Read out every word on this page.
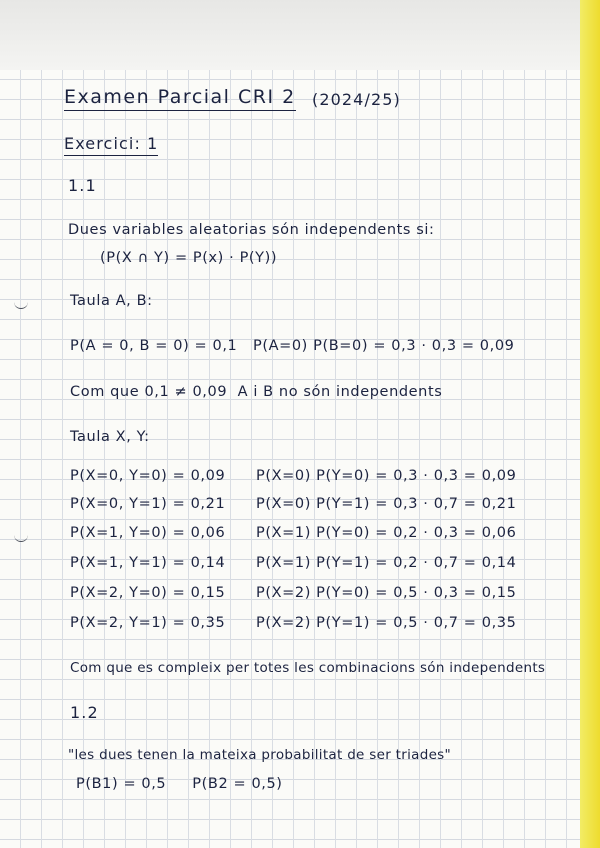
Examen Parcial CRI 2 (2024/25)
Exercici: 1
1.1
Dues variables aleatorias són independents si:
(P(X ∩ Y) = P(x) · P(Y))
Taula A, B:
P(A = 0, B = 0) = 0,1   P(A=0) P(B=0) = 0,3 · 0,3 = 0,09
Com que 0,1 ≠ 0,09  A i B no són independents
Taula X, Y:
P(X=0, Y=0) = 0,09 P(X=0) P(Y=0) = 0,3 · 0,3 = 0,09
P(X=0, Y=1) = 0,21 P(X=0) P(Y=1) = 0,3 · 0,7 = 0,21
P(X=1, Y=0) = 0,06 P(X=1) P(Y=0) = 0,2 · 0,3 = 0,06
P(X=1, Y=1) = 0,14 P(X=1) P(Y=1) = 0,2 · 0,7 = 0,14
P(X=2, Y=0) = 0,15 P(X=2) P(Y=0) = 0,5 · 0,3 = 0,15
P(X=2, Y=1) = 0,35 P(X=2) P(Y=1) = 0,5 · 0,7 = 0,35
Com que es compleix per totes les combinacions són independents
1.2
"les dues tenen la mateixa probabilitat de ser triades"
P(B1) = 0,5     P(B2 = 0,5)
